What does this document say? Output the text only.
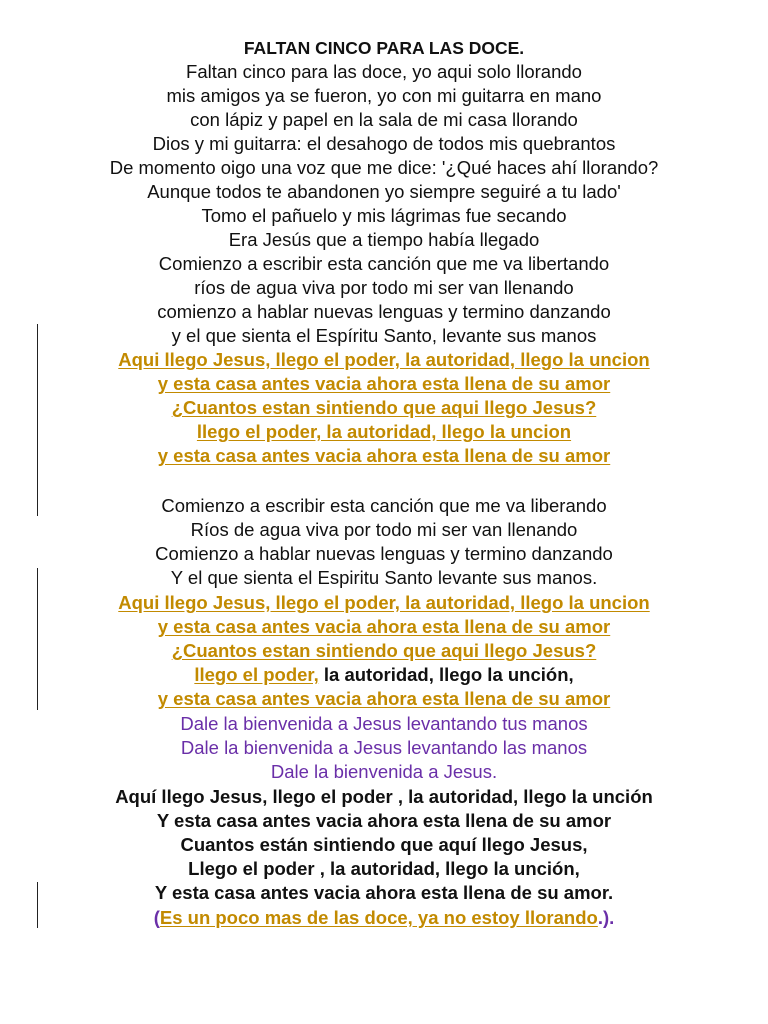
FALTAN CINCO PARA LAS DOCE.

Faltan cinco para las doce, yo aqui solo llorando

mis amigos ya se fueron, yo con mi guitarra en mano

con lápiz y papel en la sala de mi casa llorando

Dios y mi guitarra: el desahogo de todos mis quebrantos

De momento oigo una voz que me dice: '¿Qué haces ahí llorando?

Aunque todos te abandonen yo siempre seguiré a tu lado'

Tomo el pañuelo y mis lágrimas fue secando

Era Jesús que a tiempo había llegado

Comienzo a escribir esta canción que me va libertando

ríos de agua viva por todo mi ser van llenando

comienzo a hablar nuevas lenguas y termino danzando

y el que sienta el Espíritu Santo, levante sus manos

Aqui llego Jesus, llego el poder, la autoridad, llego la uncion

y esta casa antes vacia ahora esta llena de su amor

¿Cuantos estan sintiendo que aqui llego Jesus?

llego el poder, la autoridad, llego la uncion

y esta casa antes vacia ahora esta llena de su amor

Comienzo a escribir esta canción que me va liberando

Ríos de agua viva por todo mi ser van llenando

Comienzo a hablar nuevas lenguas y termino danzando

Y el que sienta el Espiritu Santo levante sus manos.

Aqui llego Jesus, llego el poder, la autoridad, llego la uncion

y esta casa antes vacia ahora esta llena de su amor

¿Cuantos estan sintiendo que aqui llego Jesus?

llego el poder, la autoridad, llego la unción,

y esta casa antes vacia ahora esta llena de su amor

Dale la bienvenida a Jesus levantando tus manos

Dale la bienvenida a Jesus levantando las manos

Dale la bienvenida a Jesus.

Aquí llego Jesus, llego el poder , la autoridad, llego la unción

Y esta casa antes vacia ahora esta llena de su amor

Cuantos están sintiendo que aquí llego Jesus,

Llego el poder , la autoridad, llego la unción,

Y esta casa antes vacia ahora esta llena de su amor.

(Es un poco mas de las doce, ya no estoy llorando.).
